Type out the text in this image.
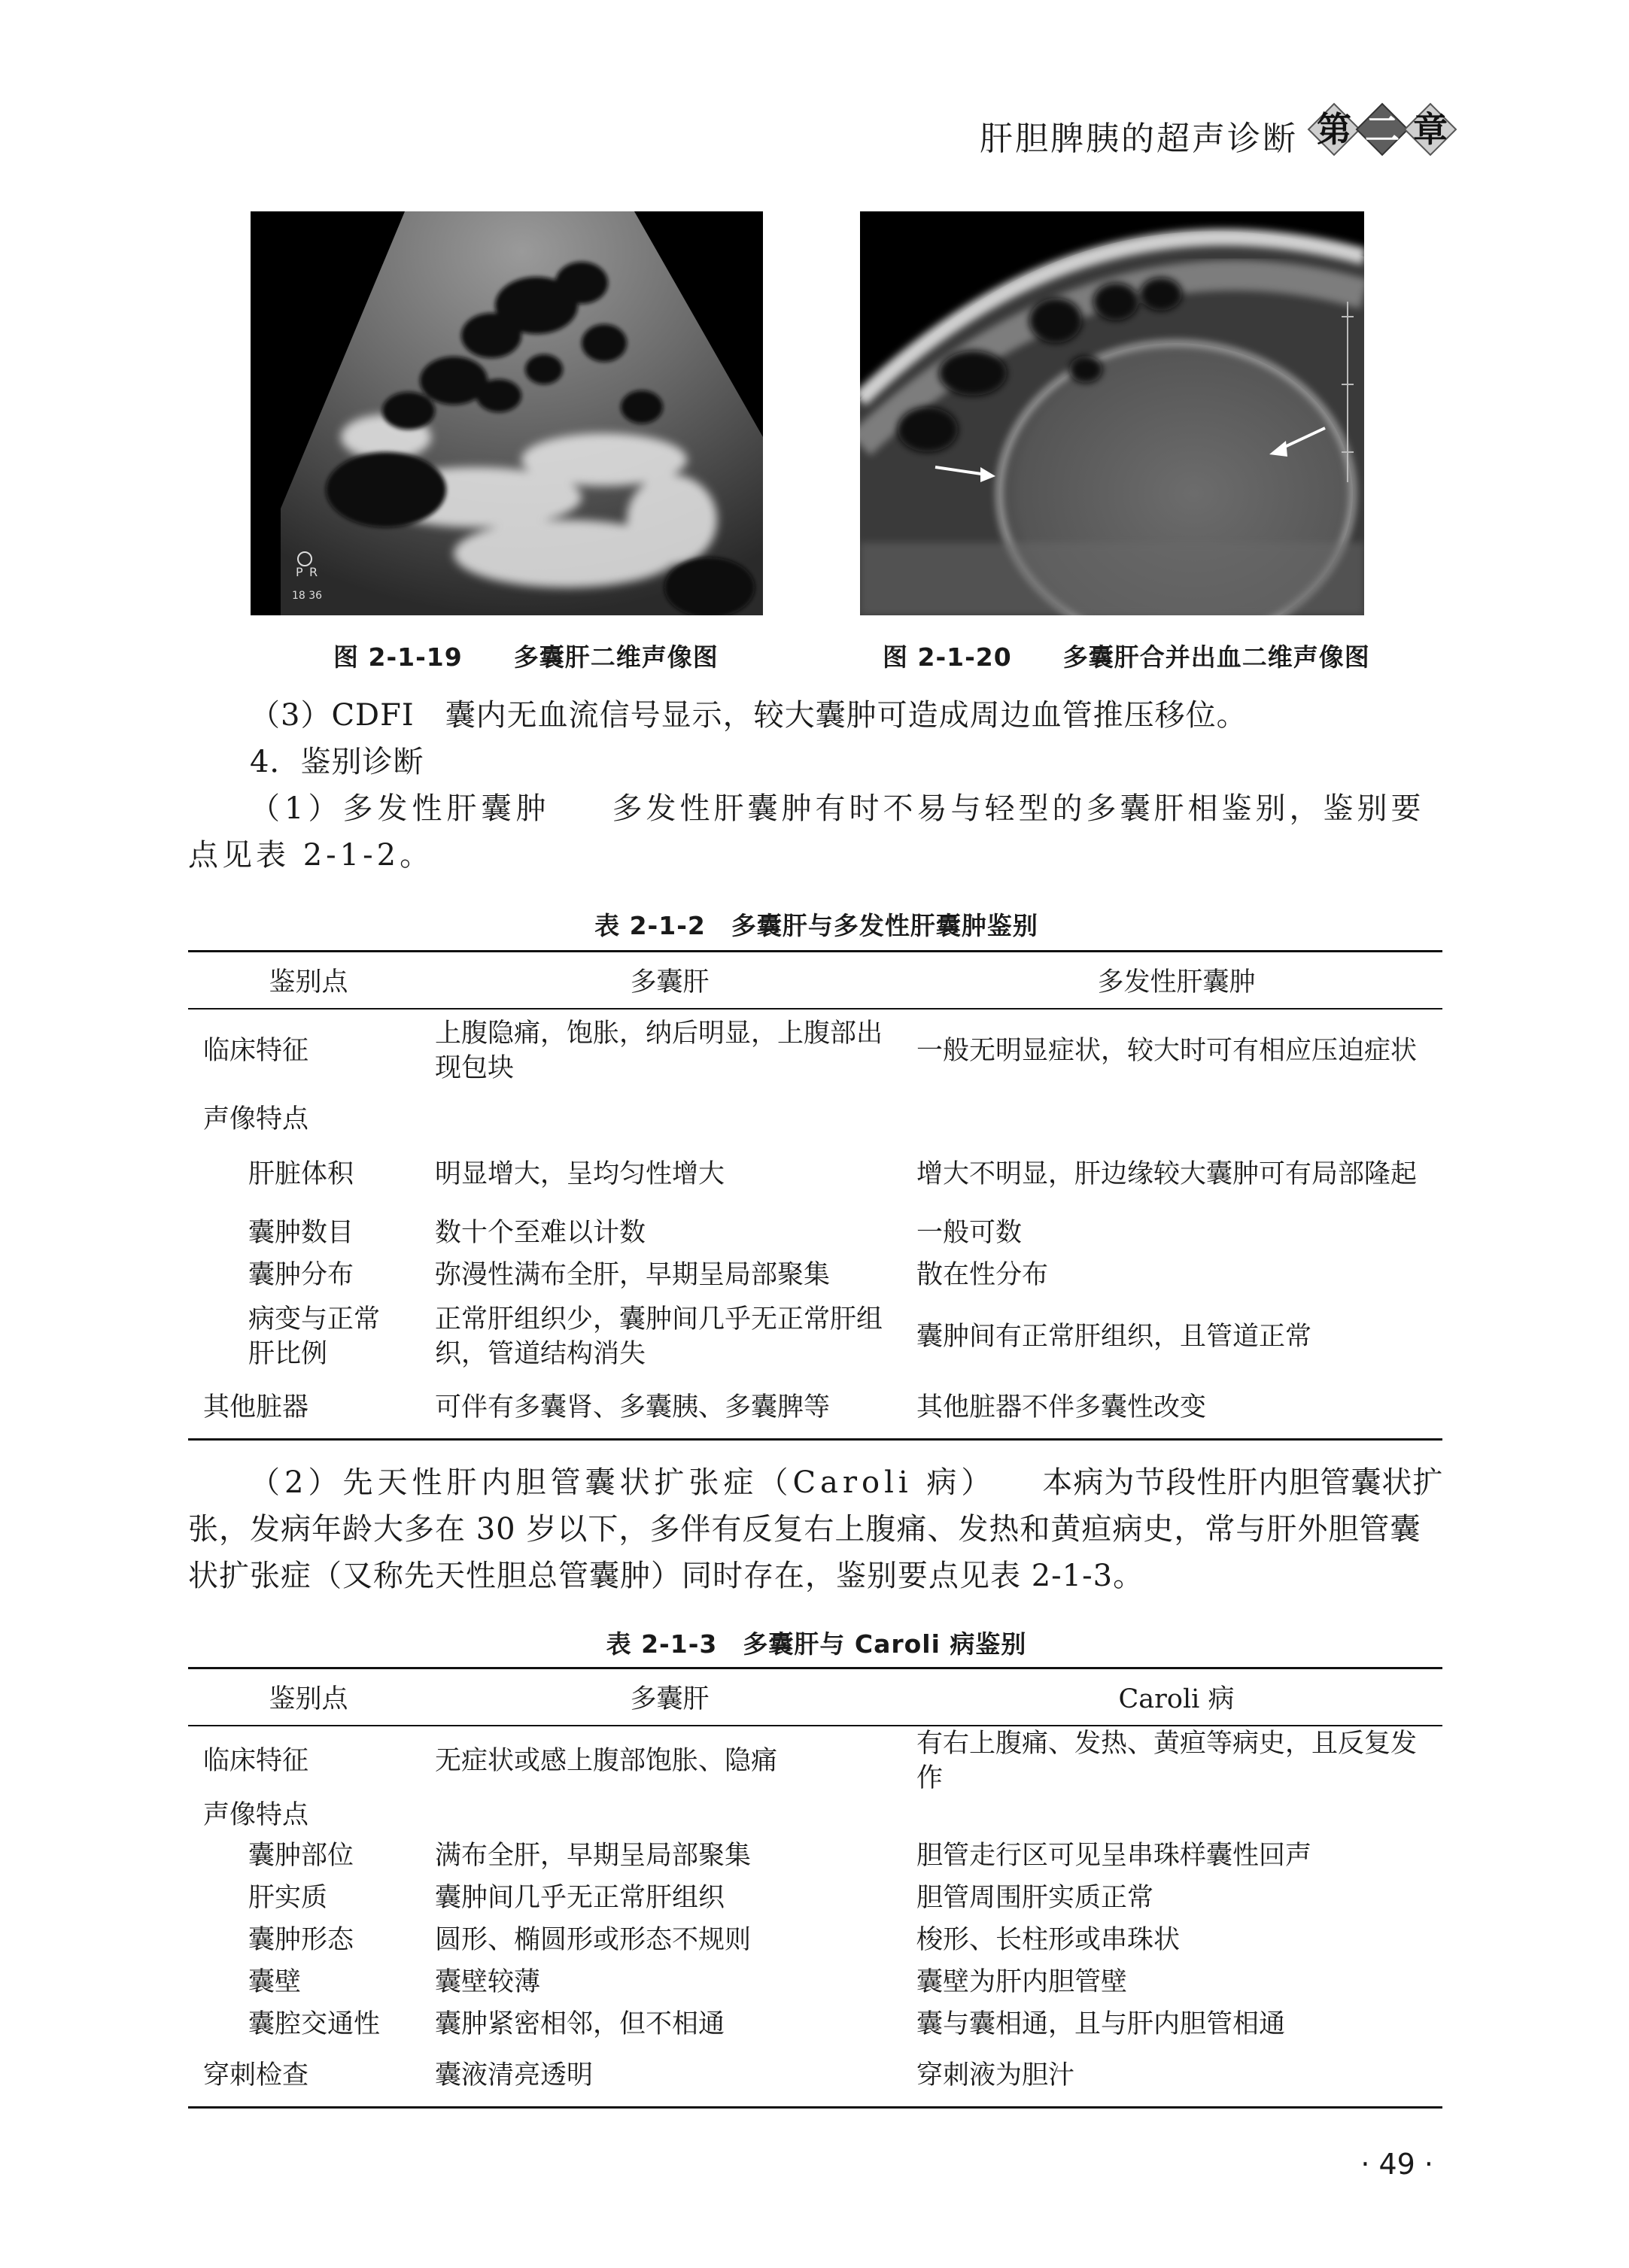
肝胆脾胰的超声诊断 第 二 章
P R
18 36
图 2-1-19　　 多囊肝二维声像图	图 2-1-20　　 多囊肝合并出血二维声像图
（3）CDFI　 囊内无血流信号显示，较大囊肿可造成周边血管推压移位。
4．鉴别诊断
（1）多发性肝囊肿　　 多发性肝囊肿有时不易与轻型的多囊肝相鉴别，鉴别要点见表 2-1-2。
表 2-1-2　多囊肝与多发性肝囊肿鉴别
鉴别点	多囊肝	多发性肝囊肿
临床特征	上腹隐痛，饱胀，纳后明显，上腹部出现包块	一般无明显症状，较大时可有相应压迫症状
声像特点		
肝脏体积	明显增大，呈均匀性增大	增大不明显，肝边缘较大囊肿可有局部隆起
囊肿数目	数十个至难以计数	一般可数
囊肿分布	弥漫性满布全肝，早期呈局部聚集	散在性分布
病变与正常肝比例	正常肝组织少，囊肿间几乎无正常肝组织，管道结构消失	囊肿间有正常肝组织，且管道正常
其他脏器	可伴有多囊肾、多囊胰、多囊脾等	其他脏器不伴多囊性改变
（2）先天性肝内胆管囊状扩张症（Caroli 病）　　 本病为节段性肝内胆管囊状扩张，发病年龄大多在 30 岁以下，多伴有反复右上腹痛、发热和黄疸病史，常与肝外胆管囊状扩张症（又称先天性胆总管囊肿）同时存在，鉴别要点见表 2-1-3。
表 2-1-3　多囊肝与 Caroli 病鉴别
鉴别点	多囊肝	Caroli 病
临床特征	无症状或感上腹部饱胀、隐痛	有右上腹痛、发热、黄疸等病史，且反复发作
声像特点		
囊肿部位	满布全肝，早期呈局部聚集	胆管走行区可见呈串珠样囊性回声
肝实质	囊肿间几乎无正常肝组织	胆管周围肝实质正常
囊肿形态	圆形、椭圆形或形态不规则	梭形、长柱形或串珠状
囊壁	囊壁较薄	囊壁为肝内胆管壁
囊腔交通性	囊肿紧密相邻，但不相通	囊与囊相通，且与肝内胆管相通
穿刺检查	囊液清亮透明	穿刺液为胆汁
· 49 ·
